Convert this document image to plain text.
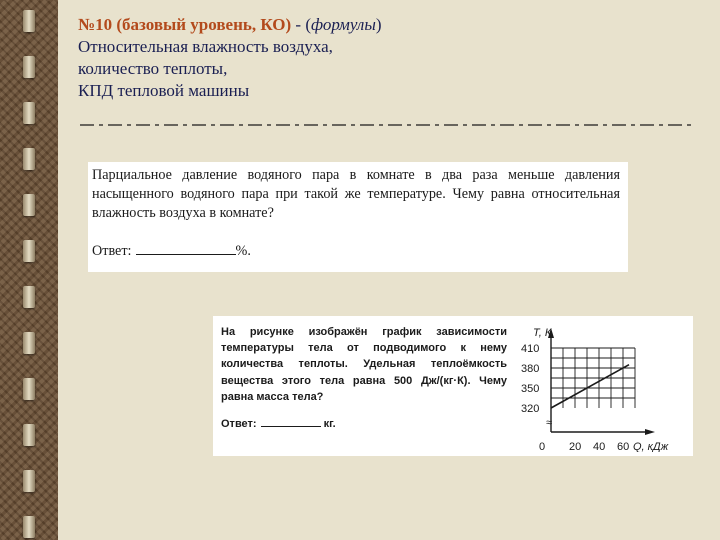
№10 (базовый уровень, КО) - (формулы)
Относительная влажность воздуха,
количество теплоты,
КПД тепловой машины

Парциальное давление водяного пара в комнате в два раза меньше давления насыщенного водяного пара при такой же температуре. Чему равна относительная влажность воздуха в комнате?

Ответ:	%.

На рисунке изображён график зависимости температуры тела от подводимого к нему количества теплоты. Удельная теплоёмкость вещества этого тела равна 500 Дж/(кг·К). Чему равна масса тела?

Ответ:	кг.	≈
T, К
Q, кДж
320
350
380
410
0 20 40 60
